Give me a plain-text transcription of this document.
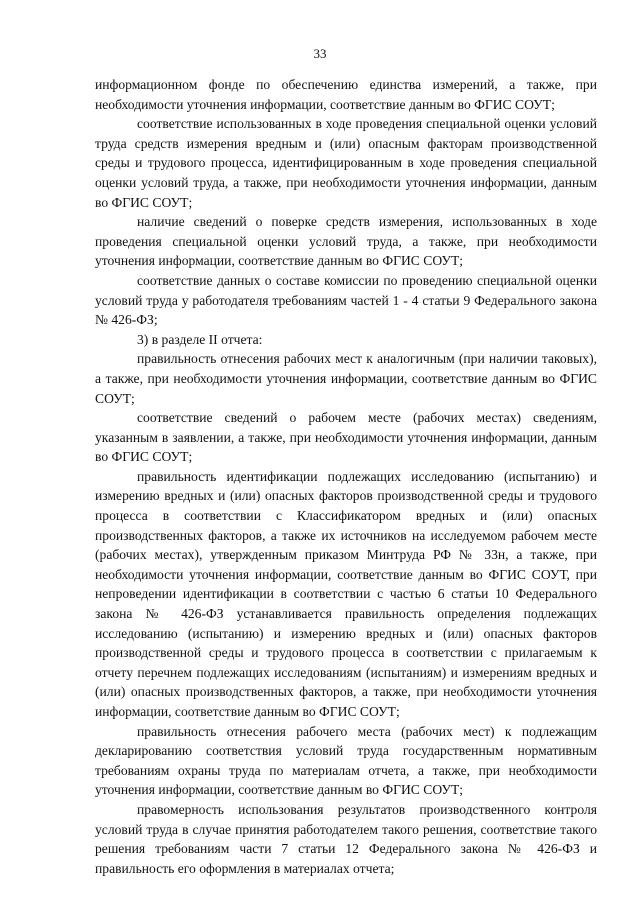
33

информационном фонде по обеспечению единства измерений, а также, при необходимости уточнения информации, соответствие данным во ФГИС СОУТ;

соответствие использованных в ходе проведения специальной оценки условий труда средств измерения вредным и (или) опасным факторам производственной среды и трудового процесса, идентифицированным в ходе проведения специальной оценки условий труда, а также, при необходимости уточнения информации, данным во ФГИС СОУТ;

наличие сведений о поверке средств измерения, использованных в ходе проведения специальной оценки условий труда, а также, при необходимости уточнения информации, соответствие данным во ФГИС СОУТ;

соответствие данных о составе комиссии по проведению специальной оценки условий труда у работодателя требованиям частей 1 - 4 статьи 9 Федерального закона № 426-ФЗ;

3) в разделе II отчета:

правильность отнесения рабочих мест к аналогичным (при наличии таковых), а также, при необходимости уточнения информации, соответствие данным во ФГИС СОУТ;

соответствие сведений о рабочем месте (рабочих местах) сведениям, указанным в заявлении, а также, при необходимости уточнения информации, данным во ФГИС СОУТ;

правильность идентификации подлежащих исследованию (испытанию) и измерению вредных и (или) опасных факторов производственной среды и трудового процесса в соответствии с Классификатором вредных и (или) опасных производственных факторов, а также их источников на исследуемом рабочем месте (рабочих местах), утвержденным приказом Минтруда РФ № 33н, а также, при необходимости уточнения информации, соответствие данным во ФГИС СОУТ, при непроведении идентификации в соответствии с частью 6 статьи 10 Федерального закона № 426-ФЗ устанавливается правильность определения подлежащих исследованию (испытанию) и измерению вредных и (или) опасных факторов производственной среды и трудового процесса в соответствии с прилагаемым к отчету перечнем подлежащих исследованиям (испытаниям) и измерениям вредных и (или) опасных производственных факторов, а также, при необходимости уточнения информации, соответствие данным во ФГИС СОУТ;

правильность отнесения рабочего места (рабочих мест) к подлежащим декларированию соответствия условий труда государственным нормативным требованиям охраны труда по материалам отчета, а также, при необходимости уточнения информации, соответствие данным во ФГИС СОУТ;

правомерность использования результатов производственного контроля условий труда в случае принятия работодателем такого решения, соответствие такого решения требованиям части 7 статьи 12 Федерального закона № 426-ФЗ и правильность его оформления в материалах отчета;
